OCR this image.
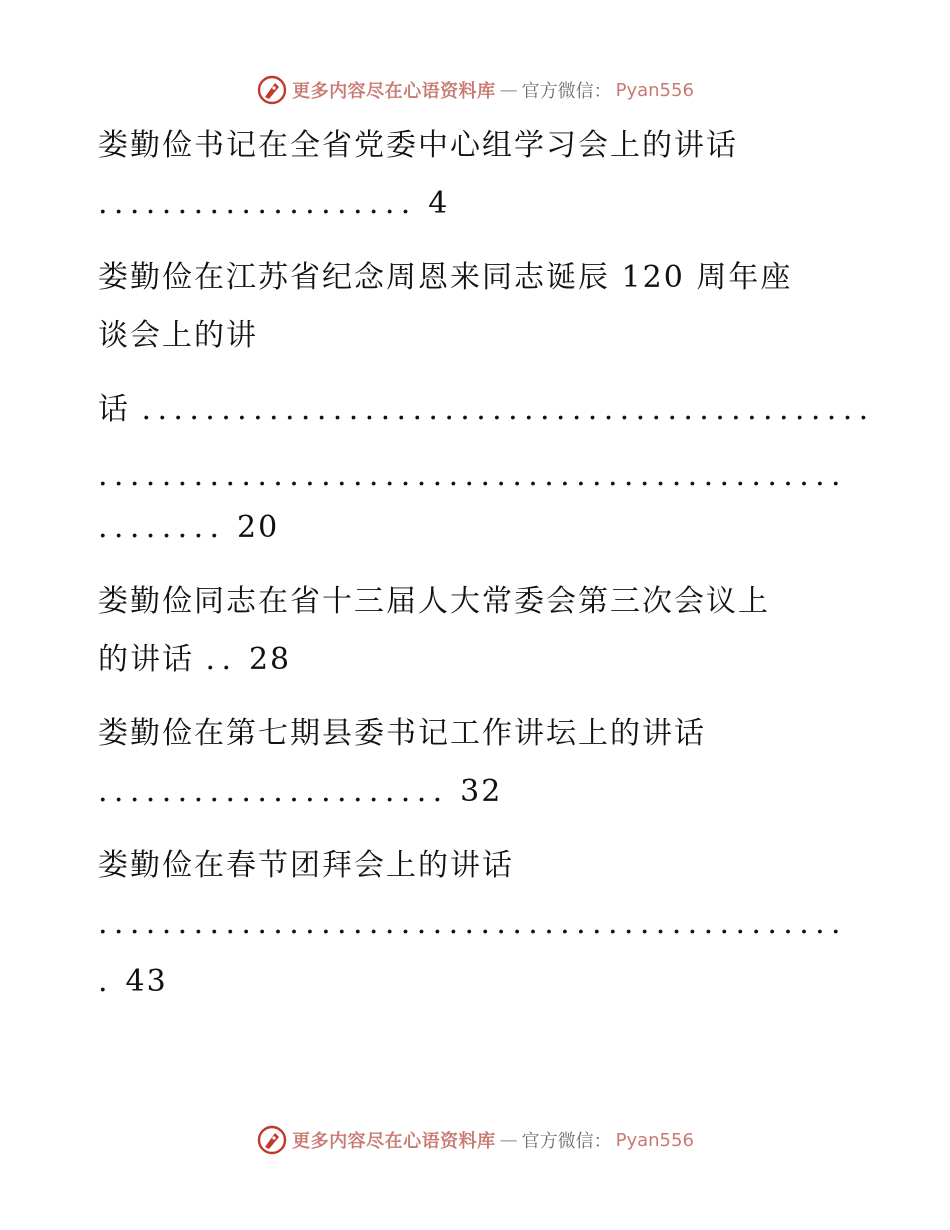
更多内容尽在心语资料库 — 官方微信： Pyan556
娄勤俭书记在全省党委中心组学习会上的讲话
.................... 4
娄勤俭在江苏省纪念周恩来同志诞辰 120 周年座
谈会上的讲
话 ..............................................
...............................................
........ 20
娄勤俭同志在省十三届人大常委会第三次会议上
的讲话 .. 28
娄勤俭在第七期县委书记工作讲坛上的讲话
...................... 32
娄勤俭在春节团拜会上的讲话
...............................................
. 43
更多内容尽在心语资料库 — 官方微信： Pyan556
